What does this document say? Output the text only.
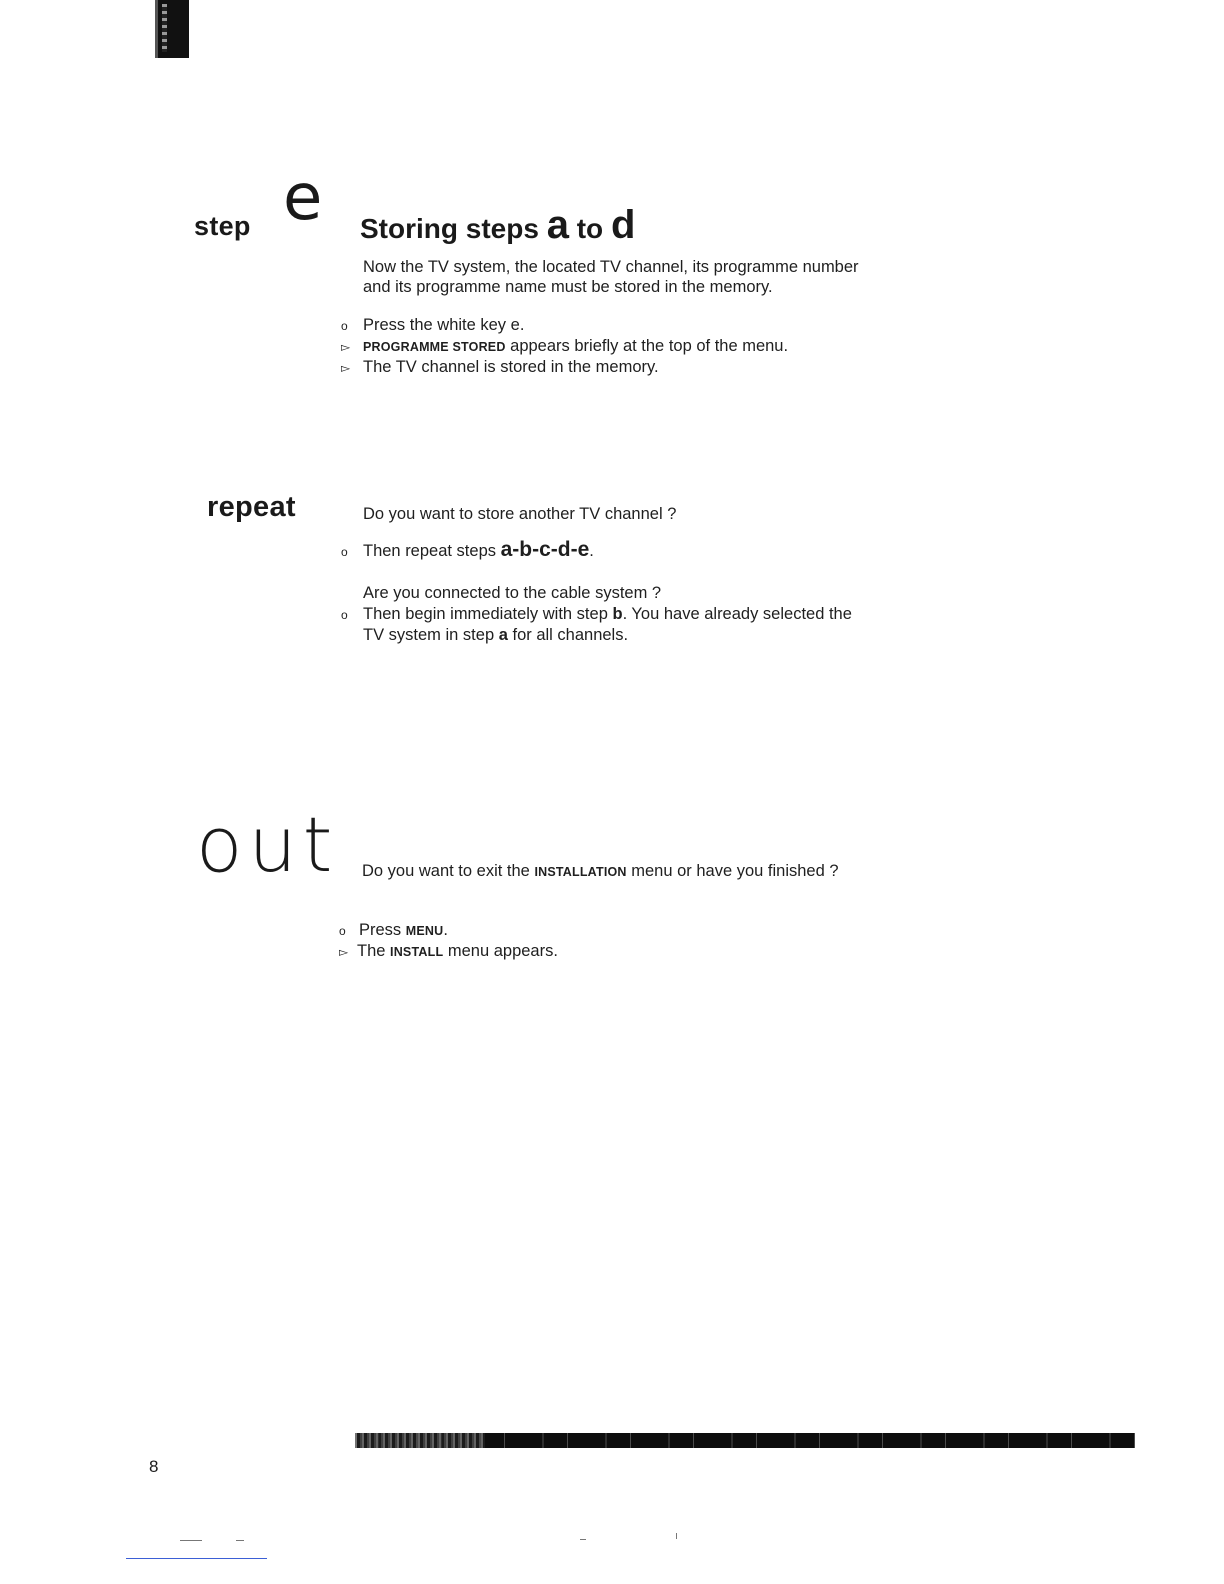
step e Storing steps a to d
Now the TV system, the located TV channel, its programme number
and its programme name must be stored in the memory.
o Press the white key e.
▻	PROGRAMME STORED appears briefly at the top of the menu.
▻ The TV channel is stored in the memory.
repeat	Do you want to store another TV channel ?
o Then repeat steps a-b-c-d-e.
Are you connected to the cable system ?
o Then begin immediately with step b. You have already selected the
TV system in step a for all channels.
out Do you want to exit the INSTALLATION menu or have you finished ?
o Press MENU.
▻ The INSTALL menu appears.
8
